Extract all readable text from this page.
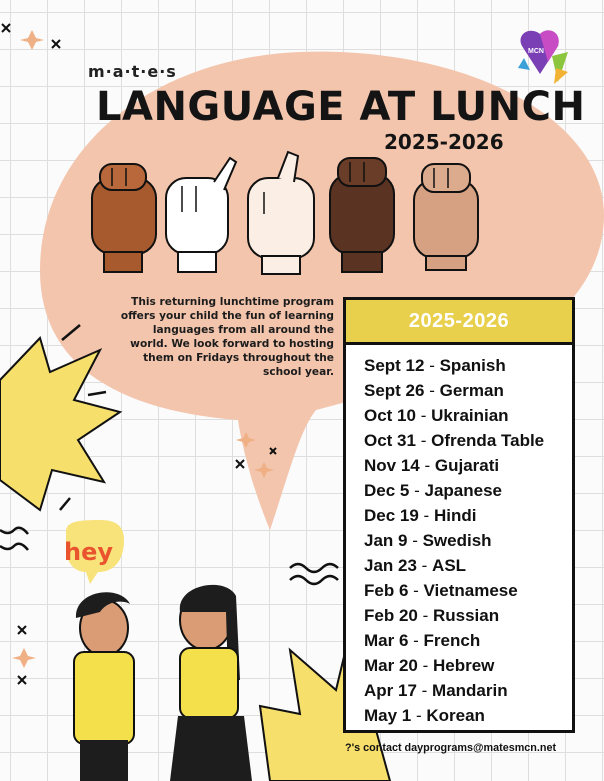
MCN
m·a·t·e·s
LANGUAGE AT LUNCH
2025-2026
This returning lunchtime program offers your child the fun of learning languages from all around the world. We look forward to hosting them on Fridays throughout the school year.
hey
2025-2026
Sept 12 - Spanish
Sept 26 - German
Oct 10 - Ukrainian
Oct 31 - Ofrenda Table
Nov 14 - Gujarati
Dec 5 - Japanese
Dec 19 - Hindi
Jan 9 - Swedish
Jan 23 - ASL
Feb 6 - Vietnamese
Feb 20 - Russian
Mar 6 - French
Mar 20 - Hebrew
Apr 17 - Mandarin
May 1 - Korean
?'s contact dayprograms@matesmcn.net
